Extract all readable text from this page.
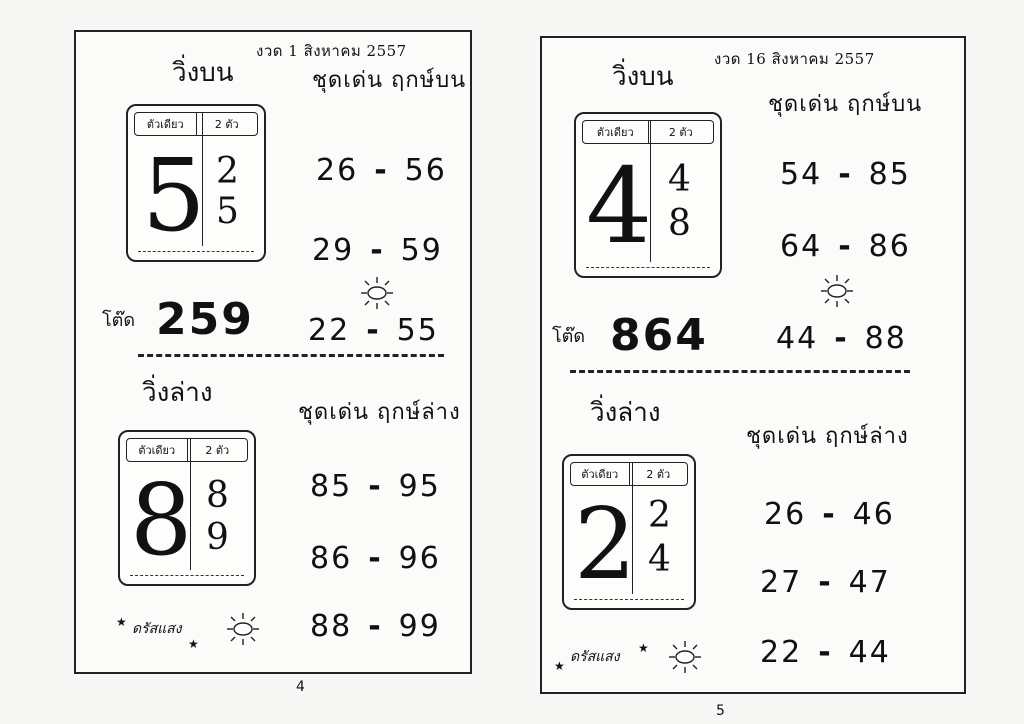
งวด 1 สิงหาคม 2557
วิ่งบน	ชุดเด่น ฤกษ์บน
ตัวเดียว	2 ตัว
5 2
5
26 - 56
29 - 59
22 - 55
โต๊ด 259
วิ่งล่าง
ชุดเด่น ฤกษ์ล่าง
ตัวเดียว	2 ตัว
8 8
9
85 - 95
86 - 96
88 - 99
★ ดรัสแสง
★
4
งวด 16 สิงหาคม 2557
วิ่งบน
ชุดเด่น ฤกษ์บน
ตัวเดียว	2 ตัว
4 4
8
54 - 85
64 - 86
44 - 88
โต๊ด 864
วิ่งล่าง
ชุดเด่น ฤกษ์ล่าง
ตัวเดียว	2 ตัว
2 2
4
26 - 46
27 - 47
22 - 44
★
ดรัสแสง
★
5
